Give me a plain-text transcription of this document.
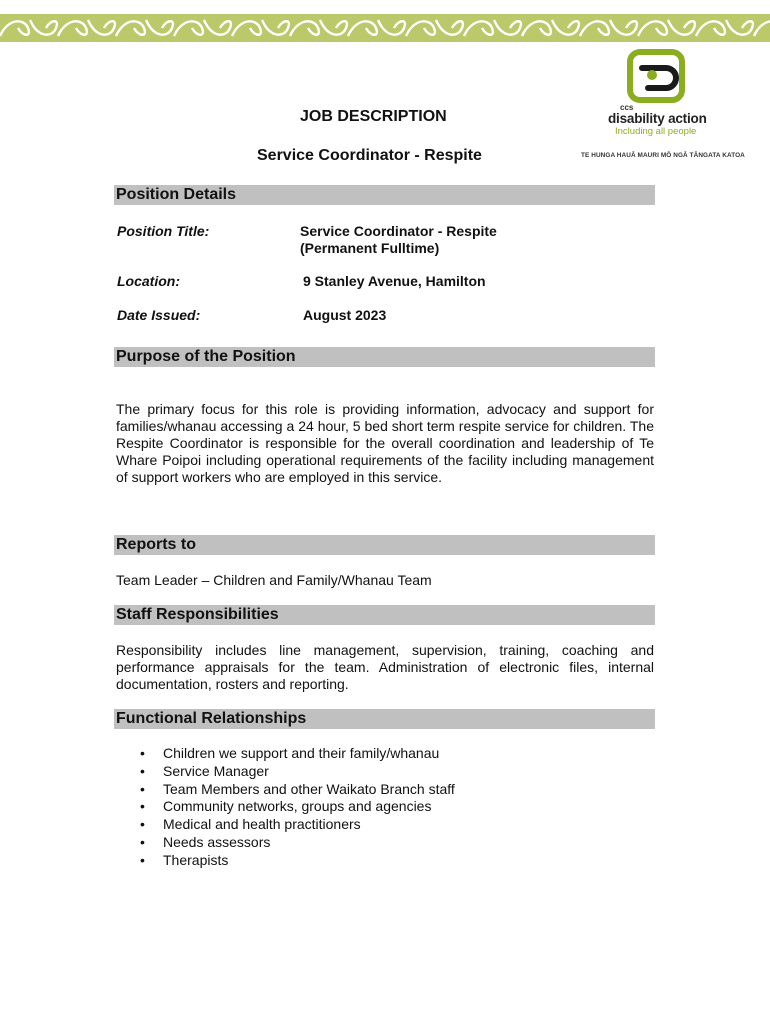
ccs
disability action
Including all people
TE HUNGA HAUĀ MAURI MŌ NGĀ TĀNGATA KATOA
JOB DESCRIPTION
Service Coordinator - Respite
Position Details
Position Title:	Service Coordinator - Respite
(Permanent Fulltime)
Location:	9 Stanley Avenue, Hamilton
Date Issued:	August 2023
Purpose of the Position

The primary focus for this role is providing information, advocacy and support for families/whanau accessing a 24 hour, 5 bed short term respite service for children. The Respite Coordinator is responsible for the overall coordination and leadership of Te Whare Poipoi including operational requirements of the facility including management of support workers who are employed in this service.

Reports to

Team Leader – Children and Family/Whanau Team

Staff Responsibilities

Responsibility includes line management, supervision, training, coaching and performance appraisals for the team. Administration of electronic files, internal documentation, rosters and reporting.

Functional Relationships
• Children we support and their family/whanau
• Service Manager
• Team Members and other Waikato Branch staff
• Community networks, groups and agencies
• Medical and health practitioners
• Needs assessors
• Therapists
